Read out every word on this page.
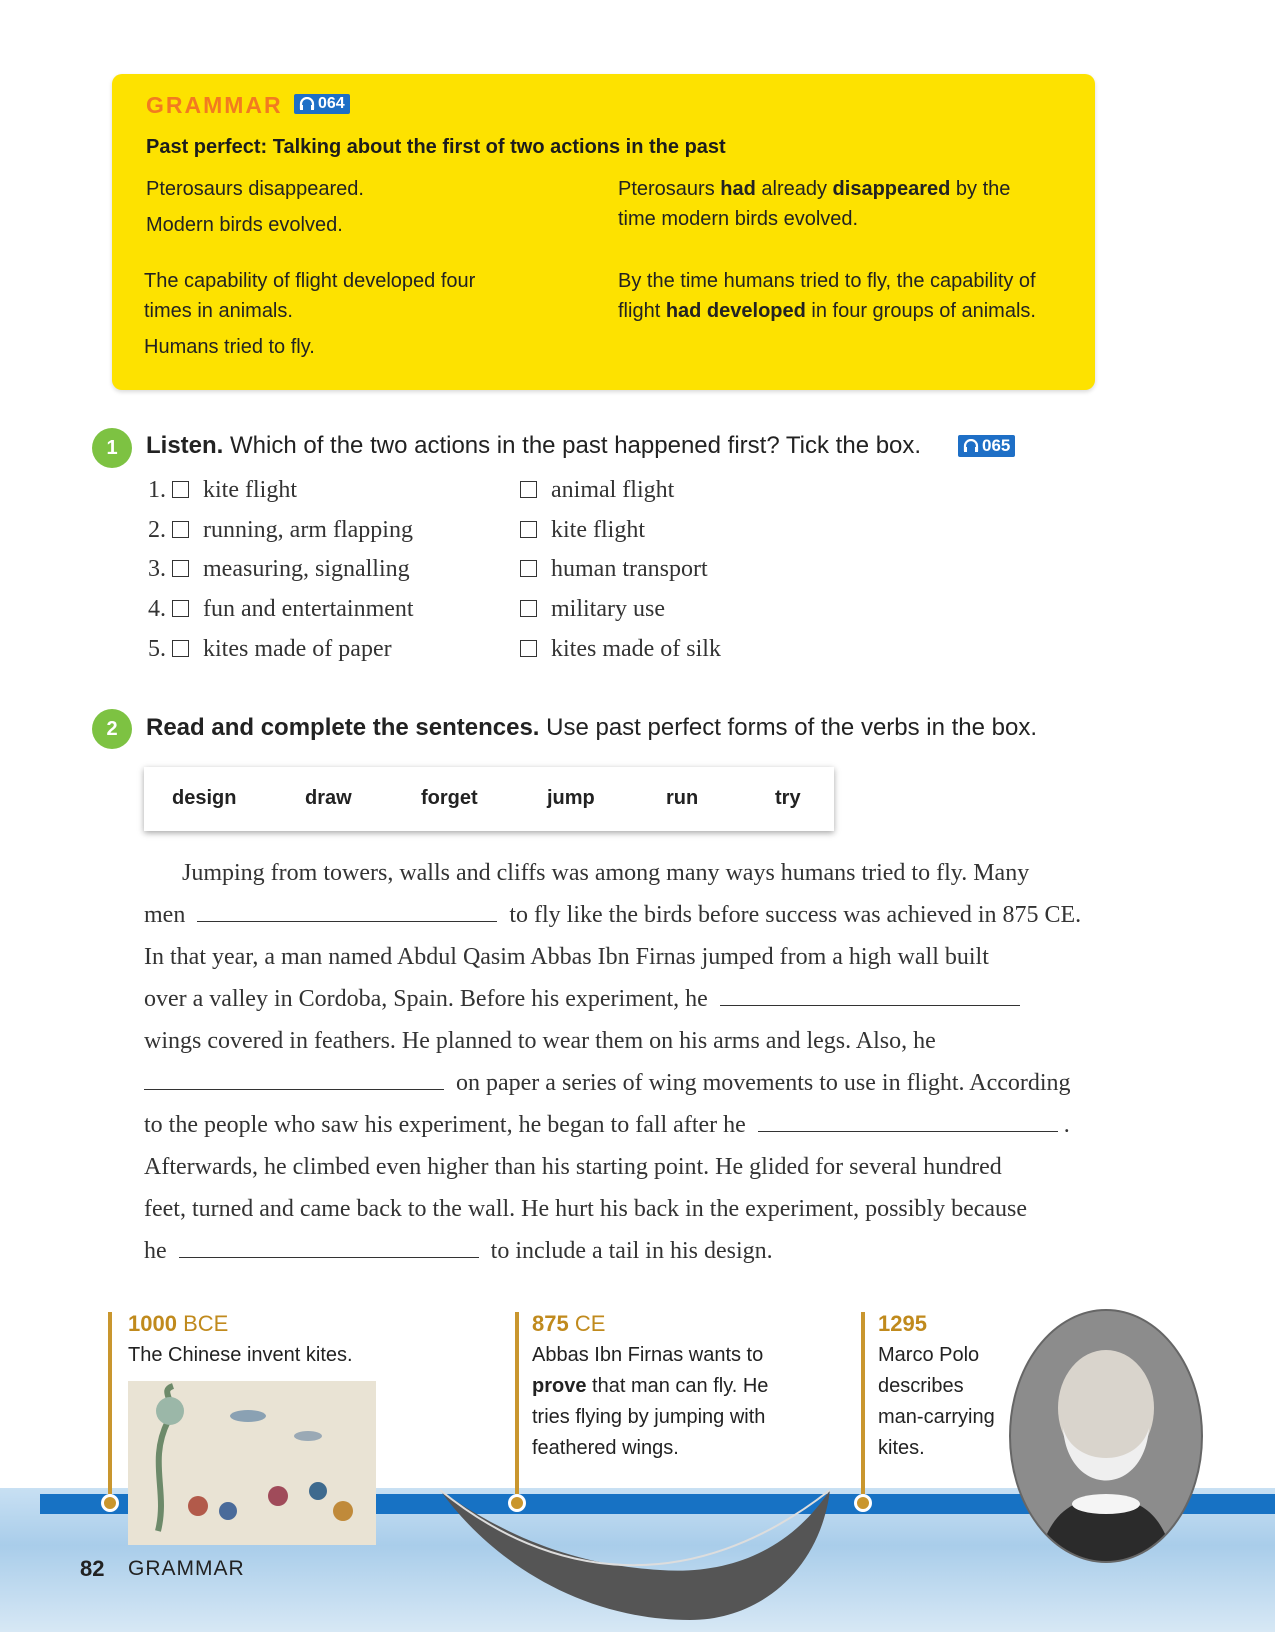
GRAMMAR 064
Past perfect: Talking about the first of two actions in the past
Pterosaurs disappeared.
Modern birds evolved.
Pterosaurs had already disappeared by the
time modern birds evolved.
The capability of flight developed four
times in animals.
Humans tried to fly.
By the time humans tried to fly, the capability of
flight had developed in four groups of animals.
1	Listen. Which of the two actions in the past happened first? Tick the box.	065
1. kite flight	animal flight
2. running, arm flapping	kite flight
3. measuring, signalling	human transport
4. fun and entertainment	military use
5. kites made of paper	kites made of silk
2	Read and complete the sentences. Use past perfect forms of the verbs in the box.
design	draw	forget	jump	run	try
Jumping from towers, walls and cliffs was among many ways humans tried to fly. Many
men	to fly like the birds before success was achieved in 875 CE.
In that year, a man named Abdul Qasim Abbas Ibn Firnas jumped from a high wall built
over a valley in Cordoba, Spain. Before his experiment, he
wings covered in feathers. He planned to wear them on his arms and legs. Also, he
on paper a series of wing movements to use in flight. According
to the people who saw his experiment, he began to fall after he	.
Afterwards, he climbed even higher than his starting point. He glided for several hundred
feet, turned and came back to the wall. He hurt his back in the experiment, possibly because
he	to include a tail in his design.
1000 BCE
The Chinese invent kites.
875 CE
Abbas Ibn Firnas wants to
prove that man can fly. He
tries flying by jumping with
feathered wings.
1295
Marco Polo
describes
man-carrying
kites.
82 GRAMMAR
